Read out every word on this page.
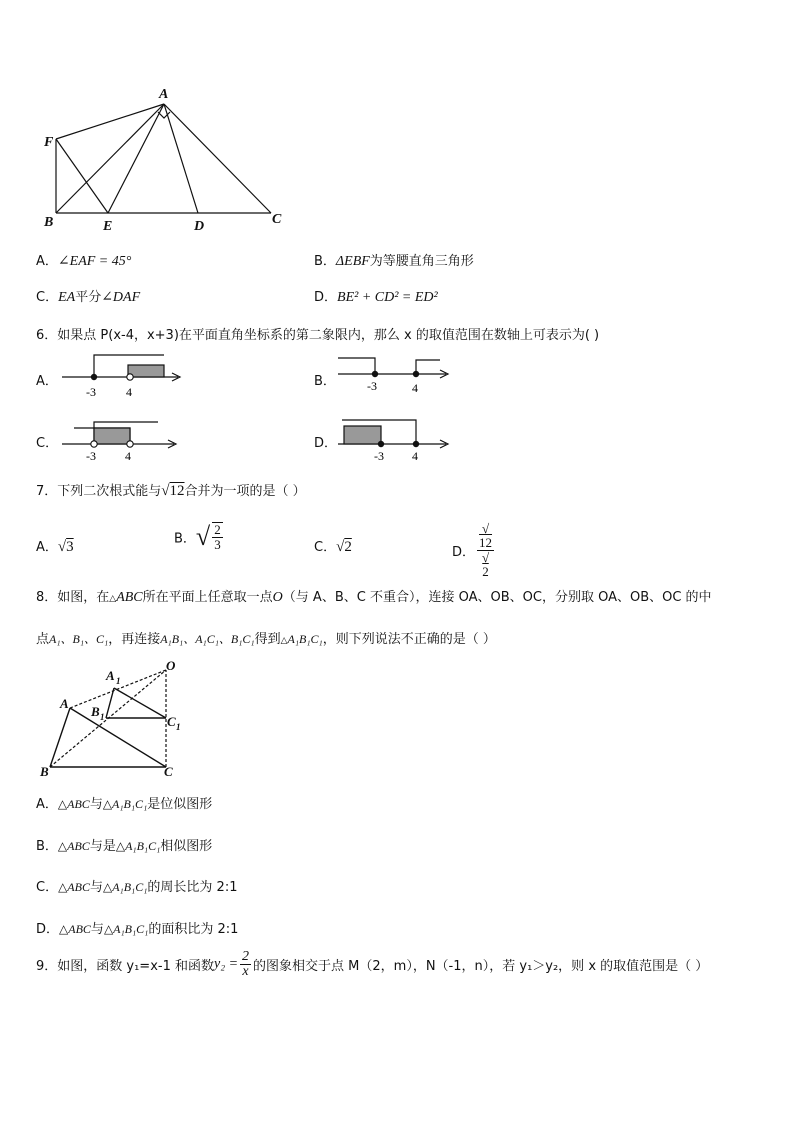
A
F
B	E	D	C
A．∠EAF = 45°	B．ΔEBF为等腰直角三角形
C．EA平分∠DAF	D．BE² + CD² = ED²
6．如果点 P(x-4，x+3)在平面直角坐标系的第二象限内，那么 x 的取值范围在数轴上可表示为( )
A．
-3	4
B．	-3	4
C．
-3 4
D．
-3 4
7．下列二次根式能与√12合并为一项的是（ ）
A．√3	B．√ $\frac{2}{3}$	C．√2	D． √
12
√
2
8．如图，在△ABC所在平面上任意取一点O（与 A、B、C 不重合），连接 OA、OB、OC，分别取 OA、OB、OC 的中
点A₁、B₁、C₁，再连接A₁B₁、A₁C₁、B₁C₁得到△A₁B₁C₁，则下列说法不正确的是（ ）
O
A 1
B 1	C 1
A
B	C
A．△ABC与△A₁B₁C₁是位似图形
B．△ABC与是△A₁B₁C₁相似图形
C．△ABC与△A₁B₁C₁的周长比为 2:1
D．△ABC与△A₁B₁C₁的面积比为 2:1
9．如图，函数 y₁=x-1 和函数$y_2 = \frac{2}{x}$ 的图象相交于点 M（2，m），N（-1，n），若 y₁＞y₂，则 x 的取值范围是（ ）
